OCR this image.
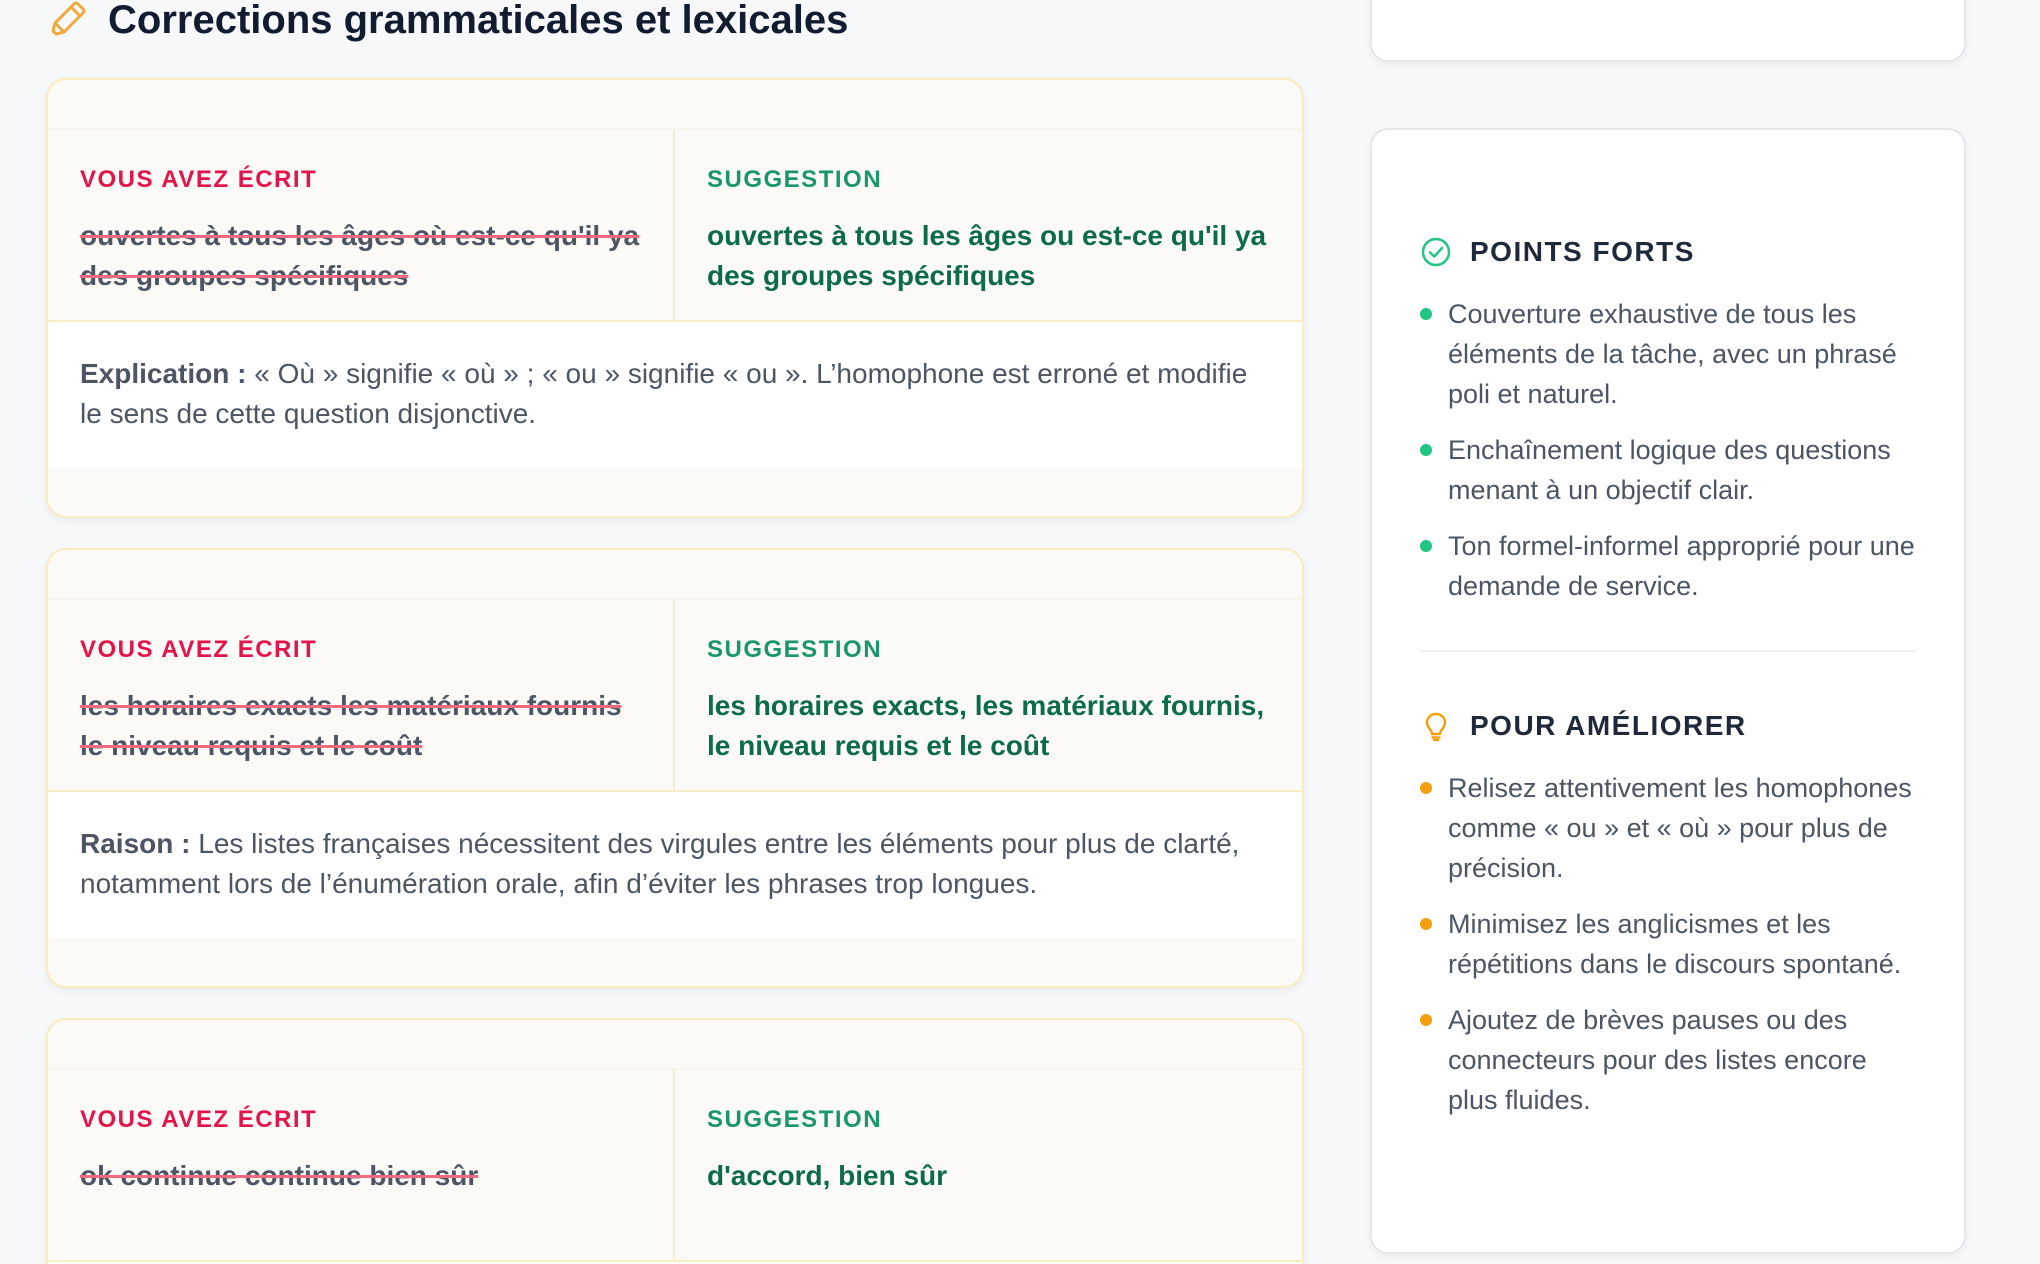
Corrections grammaticales et lexicales
VOUS AVEZ ÉCRIT
ouvertes à tous les âges où est-ce qu'il ya des groupes spécifiques
SUGGESTION
ouvertes à tous les âges ou est-ce qu'il ya des groupes spécifiques
Explication : « Où » signifie « où » ; « ou » signifie « ou ». L’homophone est erroné et modifie le sens de cette question disjonctive.
VOUS AVEZ ÉCRIT
les horaires exacts les matériaux fournis le niveau requis et le coût
SUGGESTION
les horaires exacts, les matériaux fournis, le niveau requis et le coût
Raison : Les listes françaises nécessitent des virgules entre les éléments pour plus de clarté, notamment lors de l’énumération orale, afin d’éviter les phrases trop longues.
VOUS AVEZ ÉCRIT
ok continue continue bien sûr
SUGGESTION
d'accord, bien sûr
POINTS FORTS
Couverture exhaustive de tous les éléments de la tâche, avec un phrasé poli et naturel.
Enchaînement logique des questions menant à un objectif clair.
Ton formel-informel approprié pour une demande de service.
POUR AMÉLIORER
Relisez attentivement les homophones comme « ou » et « où » pour plus de précision.
Minimisez les anglicismes et les répétitions dans le discours spontané.
Ajoutez de brèves pauses ou des connecteurs pour des listes encore plus fluides.
